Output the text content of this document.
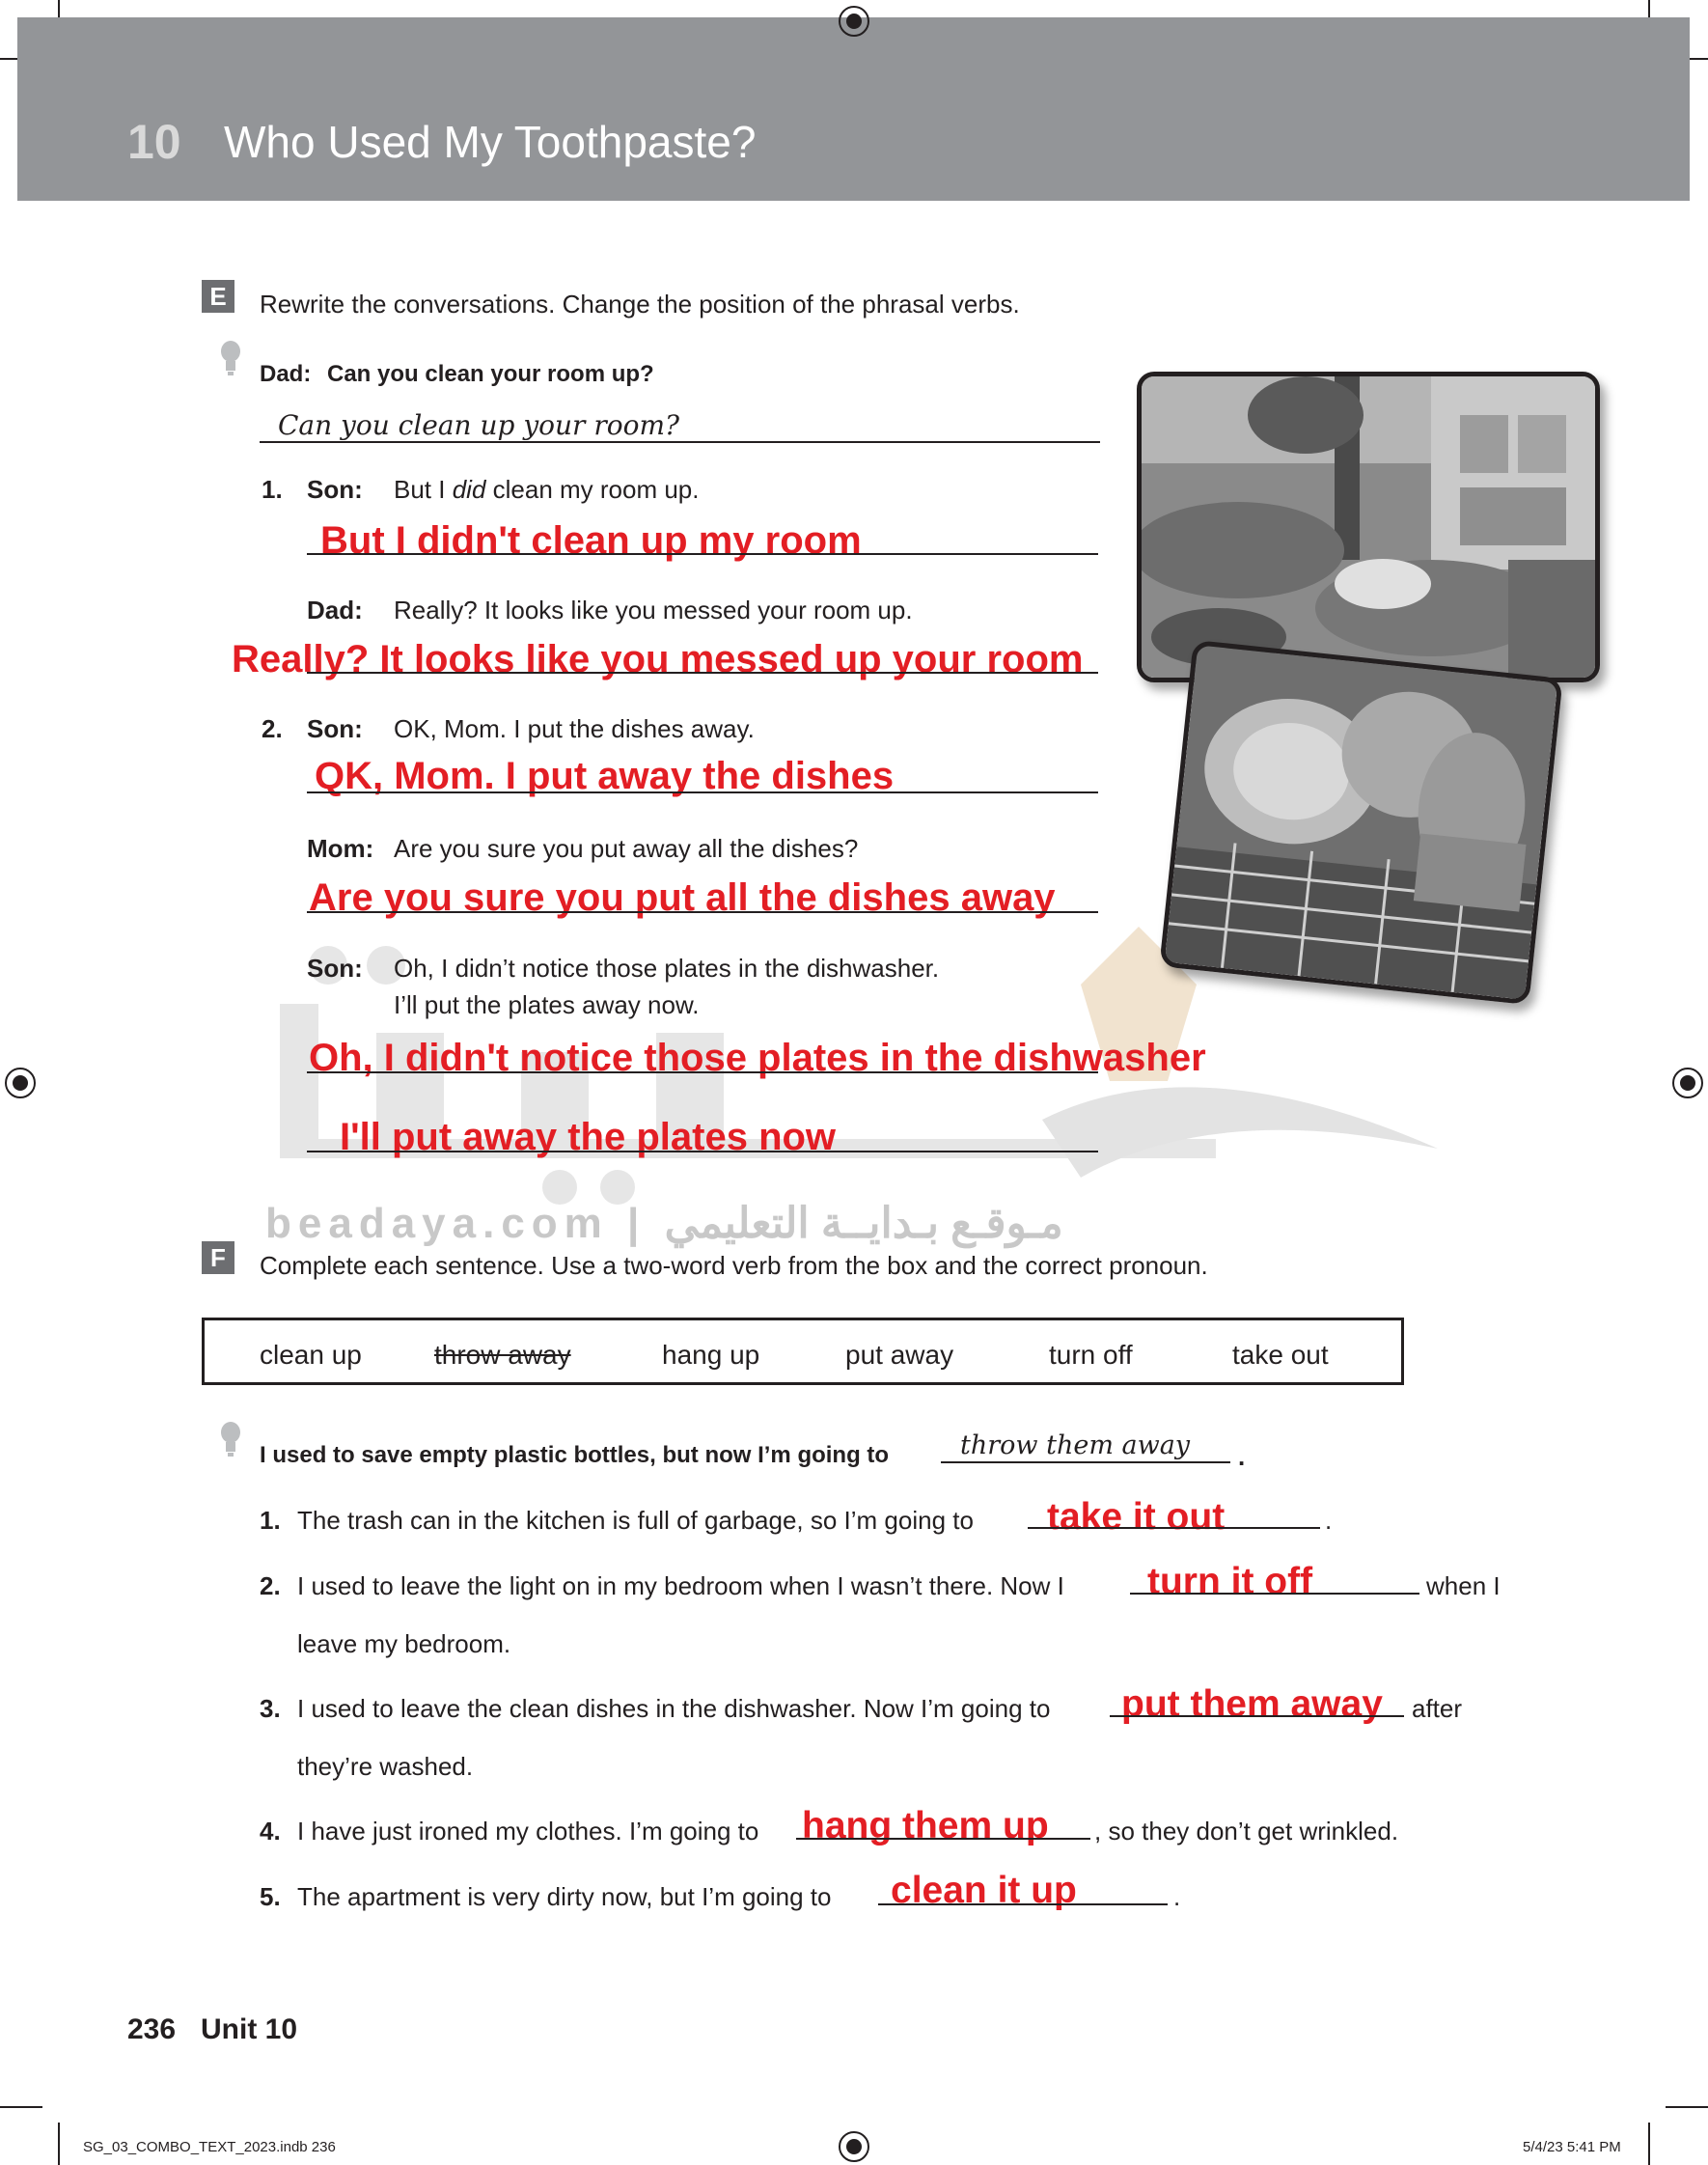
10 Who Used My Toothpaste?
beadaya.com | مـوقـع بـدايــة التعليمي
E	Rewrite the conversations. Change the position of the phrasal verbs.
Dad: Can you clean your room up?
Can you clean up your room?
1. Son: But I did clean my room up.
But I didn't clean up my room
Dad: Really? It looks like you messed your room up.
Really? It looks like you messed up your room
2. Son: OK, Mom. I put the dishes away.
QK, Mom. I put away the dishes
Mom: Are you sure you put away all the dishes?
Are you sure you put all the dishes away
Son: Oh, I didn’t notice those plates in the dishwasher.
I’ll put the plates away now.
Oh, I didn't notice those plates in the dishwasher
I'll put away the plates now
F	Complete each sentence. Use a two-word verb from the box and the correct pronoun.
clean up	throw away	hang up	put away	turn off	take out
I used to save empty plastic bottles, but now I’m going to	throw them away .
1. The trash can in the kitchen is full of garbage, so I’m going to take it out	.
2. I used to leave the light on in my bedroom when I wasn’t there. Now I turn it off	when I
leave my bedroom.
3. I used to leave the clean dishes in the dishwasher. Now I’m going to put them away after
they’re washed.
4. I have just ironed my clothes. I’m going to hang them up , so they don’t get wrinkled.
5. The apartment is very dirty now, but I’m going to clean it up	.
236 Unit 10
SG_03_COMBO_TEXT_2023.indb 236	5/4/23 5:41 PM
